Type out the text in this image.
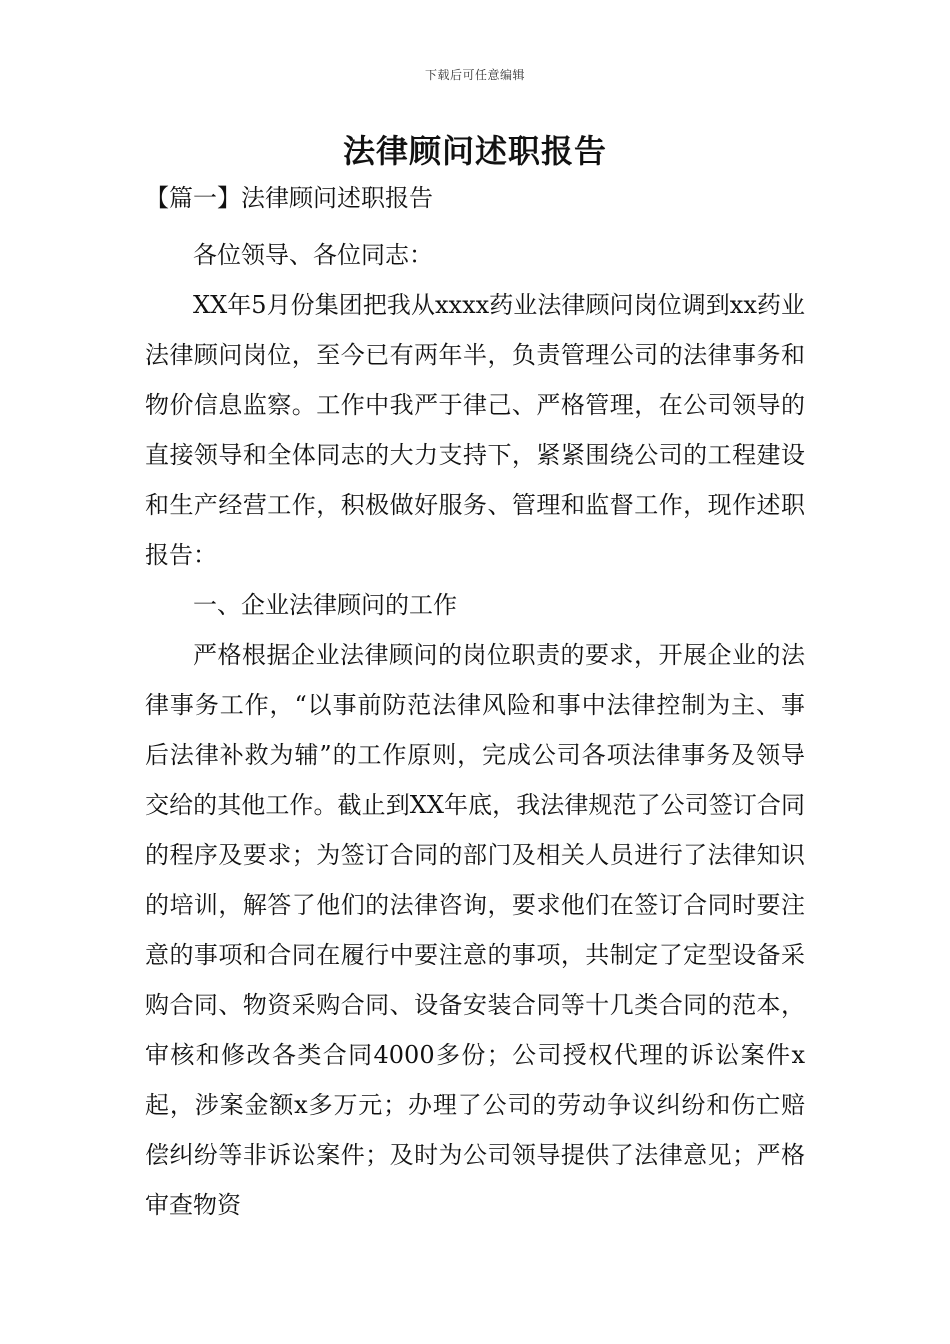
下载后可任意编辑
法律顾问述职报告
【篇一】法律顾问述职报告

各位领导、各位同志：

XX年5月份集团把我从xxxx药业法律顾问岗位调到xx药业法律顾问岗位，至今已有两年半，负责管理公司的法律事务和物价信息监察。工作中我严于律己、严格管理，在公司领导的直接领导和全体同志的大力支持下，紧紧围绕公司的工程建设和生产经营工作，积极做好服务、管理和监督工作，现作述职报告：

一、企业法律顾问的工作

严格根据企业法律顾问的岗位职责的要求，开展企业的法律事务工作，“以事前防范法律风险和事中法律控制为主、事后法律补救为辅”的工作原则，完成公司各项法律事务及领导交给的其他工作。截止到XX年底，我法律规范了公司签订合同的程序及要求；为签订合同的部门及相关人员进行了法律知识的培训，解答了他们的法律咨询，要求他们在签订合同时要注意的事项和合同在履行中要注意的事项，共制定了定型设备采购合同、物资采购合同、设备安装合同等十几类合同的范本，审核和修改各类合同4000多份；公司授权代理的诉讼案件x起，涉案金额x多万元；办理了公司的劳动争议纠纷和伤亡赔偿纠纷等非诉讼案件；及时为公司领导提供了法律意见；严格审查物资
